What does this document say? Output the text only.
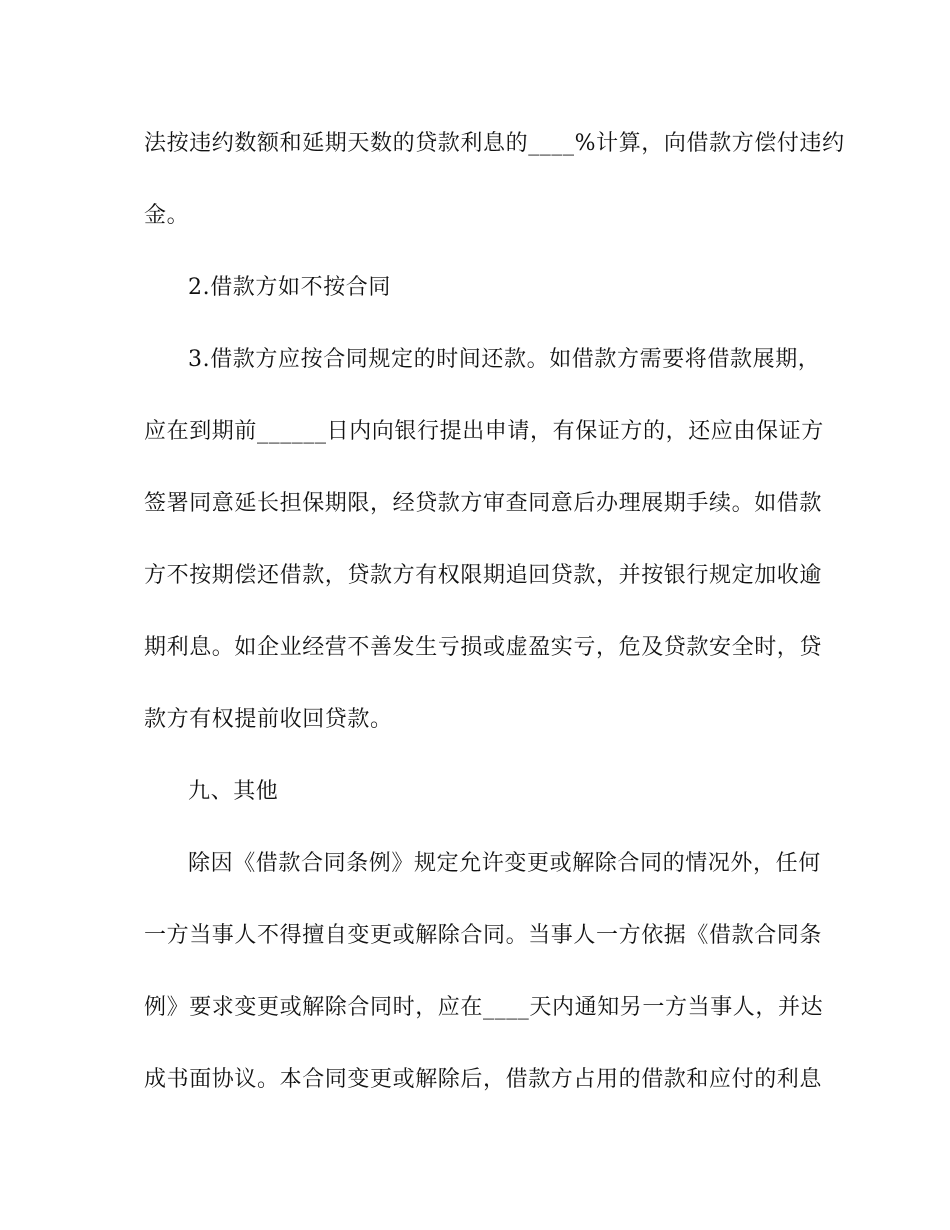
法按违约数额和延期天数的贷款利息的____%计算，向借款方偿付违约
金。
2.借款方如不按合同
3.借款方应按合同规定的时间还款。如借款方需要将借款展期，
应在到期前______日内向银行提出申请，有保证方的，还应由保证方
签署同意延长担保期限，经贷款方审查同意后办理展期手续。如借款
方不按期偿还借款，贷款方有权限期追回贷款，并按银行规定加收逾
期利息。如企业经营不善发生亏损或虚盈实亏，危及贷款安全时，贷
款方有权提前收回贷款。
九、其他
除因《借款合同条例》规定允许变更或解除合同的情况外，任何
一方当事人不得擅自变更或解除合同。当事人一方依据《借款合同条
例》要求变更或解除合同时，应在____天内通知另一方当事人，并达
成书面协议。本合同变更或解除后，借款方占用的借款和应付的利息
